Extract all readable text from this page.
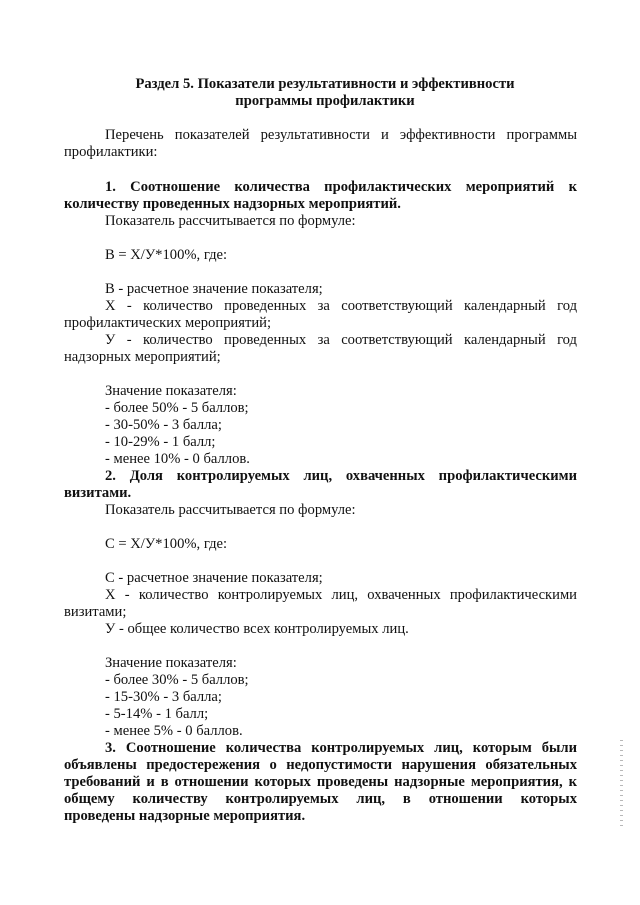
Раздел 5. Показатели результативности и эффективности
программы профилактики
Перечень показателей результативности и эффективности программы
профилактики:
1. Соотношение количества профилактических мероприятий к
количеству проведенных надзорных мероприятий.
Показатель рассчитывается по формуле:
В = Х/У*100%, где:
В - расчетное значение показателя;
Х - количество проведенных за соответствующий календарный год
профилактических мероприятий;
У - количество проведенных за соответствующий календарный год
надзорных мероприятий;
Значение показателя:
- более 50% - 5 баллов;
- 30-50% - 3 балла;
- 10-29% - 1 балл;
- менее 10% - 0 баллов.
2. Доля контролируемых лиц, охваченных профилактическими
визитами.
Показатель рассчитывается по формуле:
С = Х/У*100%, где:
С - расчетное значение показателя;
Х - количество контролируемых лиц, охваченных профилактическими
визитами;
У - общее количество всех контролируемых лиц.
Значение показателя:
- более 30% - 5 баллов;
- 15-30% - 3 балла;
- 5-14% - 1 балл;
- менее 5% - 0 баллов.
3. Соотношение количества контролируемых лиц, которым были
объявлены предостережения о недопустимости нарушения обязательных
требований и в отношении которых проведены надзорные мероприятия, к
общему количеству контролируемых лиц, в отношении которых
проведены надзорные мероприятия.
